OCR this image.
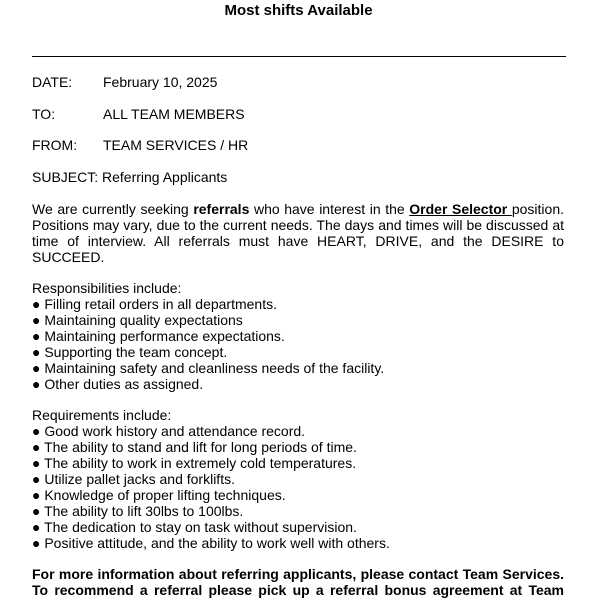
Most shifts Available
DATE: February 10, 2025
TO:	ALL TEAM MEMBERS
FROM: TEAM SERVICES / HR
SUBJECT: Referring Applicants
We are currently seeking referrals who have interest in the Order Selector position. Positions may vary, due to the current needs. The days and times will be discussed at time of interview. All referrals must have HEART, DRIVE, and the DESIRE to SUCCEED.
Responsibilities include:
● Filling retail orders in all departments.
● Maintaining quality expectations
● Maintaining performance expectations.
● Supporting the team concept.
● Maintaining safety and cleanliness needs of the facility.
● Other duties as assigned.
Requirements include:
● Good work history and attendance record.
● The ability to stand and lift for long periods of time.
● The ability to work in extremely cold temperatures.
● Utilize pallet jacks and forklifts.
● Knowledge of proper lifting techniques.
● The ability to lift 30lbs to 100lbs.
● The dedication to stay on task without supervision.
● Positive attitude, and the ability to work well with others.
For more information about referring applicants, please contact Team Services.
To recommend a referral please pick up a referral bonus agreement at Team
